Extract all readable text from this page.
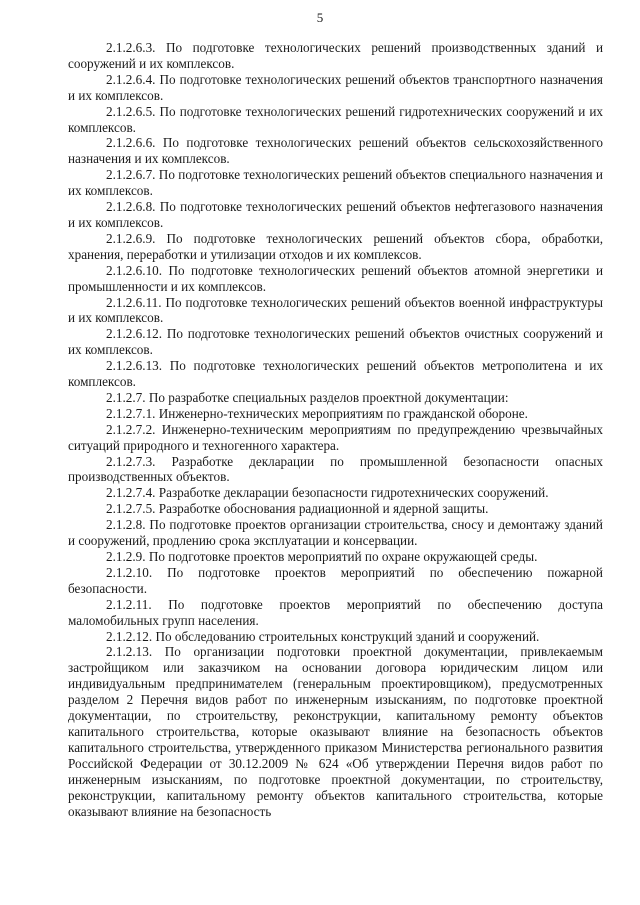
5

2.1.2.6.3. По подготовке технологических решений производственных зданий и сооружений и их комплексов.

2.1.2.6.4. По подготовке технологических решений объектов транспортного назначения и их комплексов.

2.1.2.6.5. По подготовке технологических решений гидротехнических сооружений и их комплексов.

2.1.2.6.6. По подготовке технологических решений объектов сельскохозяйственного назначения и их комплексов.

2.1.2.6.7. По подготовке технологических решений объектов специального назначения и их комплексов.

2.1.2.6.8. По подготовке технологических решений объектов нефтегазового назначения и их комплексов.

2.1.2.6.9. По подготовке технологических решений объектов сбора, обработки, хранения, переработки и утилизации отходов и их комплексов.

2.1.2.6.10. По подготовке технологических решений объектов атомной энергетики и промышленности и их комплексов.

2.1.2.6.11. По подготовке технологических решений объектов военной инфраструктуры и их комплексов.

2.1.2.6.12. По подготовке технологических решений объектов очистных сооружений и их комплексов.

2.1.2.6.13. По подготовке технологических решений объектов метрополитена и их комплексов.

2.1.2.7. По разработке специальных разделов проектной документации:

2.1.2.7.1. Инженерно-технических мероприятиям по гражданской обороне.

2.1.2.7.2. Инженерно-техническим мероприятиям по предупреждению чрезвычайных ситуаций природного и техногенного характера.

2.1.2.7.3. Разработке декларации по промышленной безопасности опасных производственных объектов.

2.1.2.7.4. Разработке декларации безопасности гидротехнических сооружений.

2.1.2.7.5. Разработке обоснования радиационной и ядерной защиты.

2.1.2.8. По подготовке проектов организации строительства, сносу и демонтажу зданий и сооружений, продлению срока эксплуатации и консервации.

2.1.2.9. По подготовке проектов мероприятий по охране окружающей среды.

2.1.2.10. По подготовке проектов мероприятий по обеспечению пожарной безопасности.

2.1.2.11. По подготовке проектов мероприятий по обеспечению доступа маломобильных групп населения.

2.1.2.12. По обследованию строительных конструкций зданий и сооружений.

2.1.2.13. По организации подготовки проектной документации, привлекаемым застройщиком или заказчиком на основании договора юридическим лицом или индивидуальным предпринимателем (генеральным проектировщиком), предусмотренных разделом 2 Перечня видов работ по инженерным изысканиям, по подготовке проектной документации, по строительству, реконструкции, капитальному ремонту объектов капитального строительства, которые оказывают влияние на безопасность объектов капитального строительства, утвержденного приказом Министерства регионального развития Российской Федерации от 30.12.2009 № 624 «Об утверждении Перечня видов работ по инженерным изысканиям, по подготовке проектной документации, по строительству, реконструкции, капитальному ремонту объектов капитального строительства, которые оказывают влияние на безопасность
